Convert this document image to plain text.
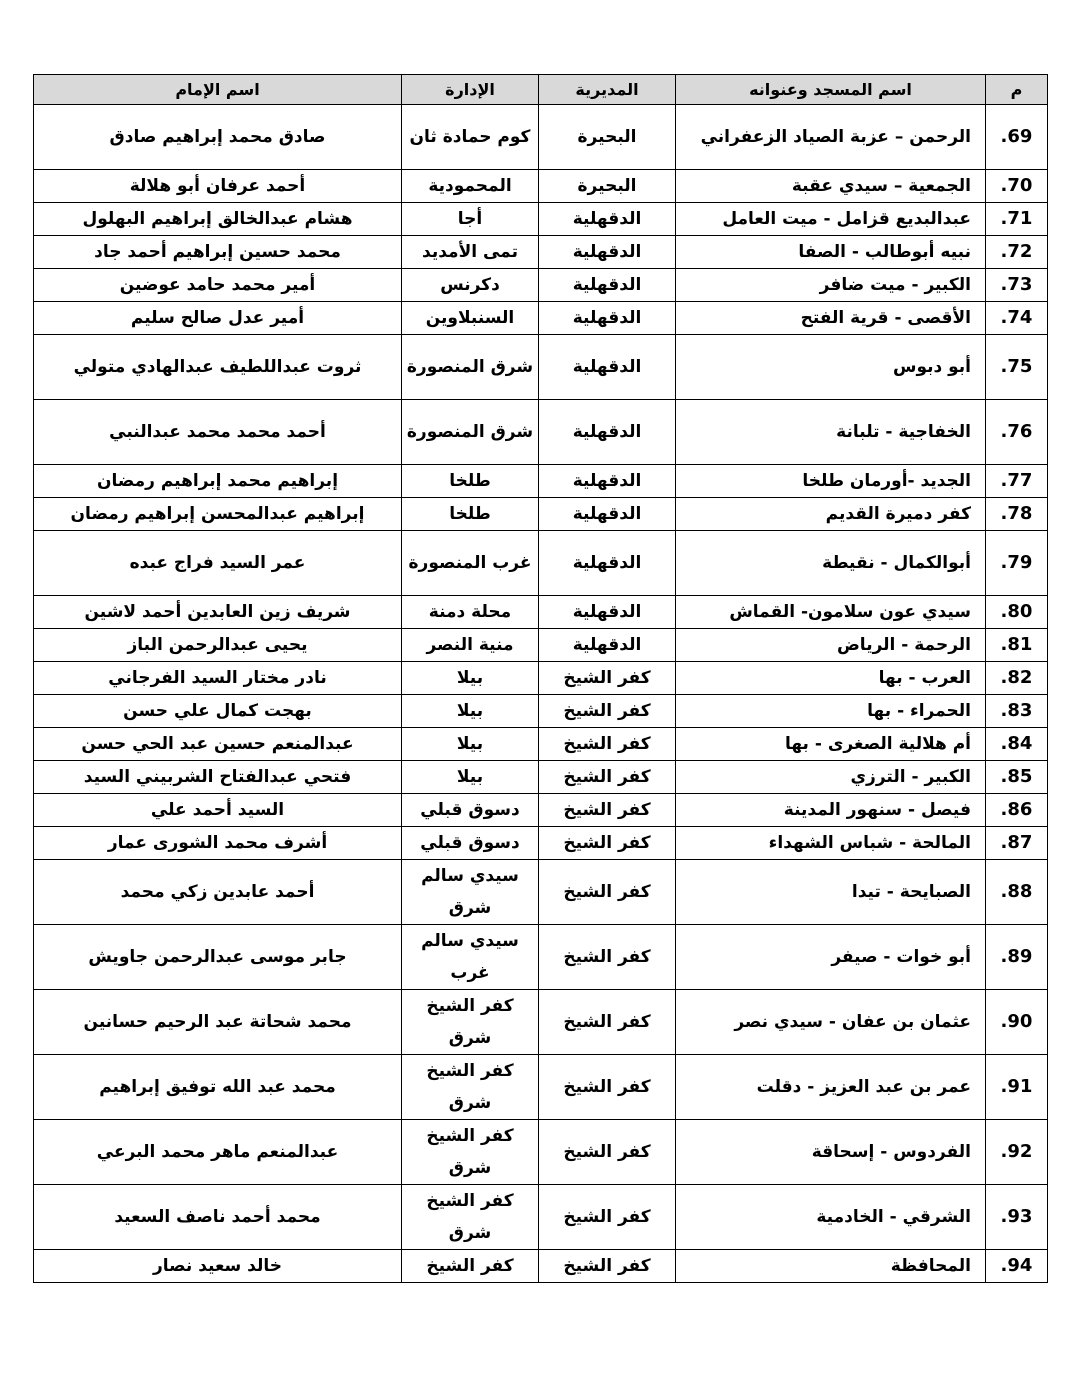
م	اسم المسجد وعنوانه	المديرية	الإدارة	اسم الإمام
.69	الرحمن – عزبة الصياد الزعفراني	البحيرة	كوم حمادة ثان	صادق محمد إبراهيم صادق
.70	الجمعية – سيدي عقبة	البحيرة	المحمودية	أحمد عرفان أبو هلالة
.71	عبدالبديع قزامل - ميت العامل	الدقهلية	أجا	هشام عبدالخالق إبراهيم البهلول
.72	نبيه أبوطالب - الصفا	الدقهلية	تمى الأمديد	محمد حسين إبراهيم أحمد جاد
.73	الكبير - ميت ضافر	الدقهلية	دكرنس	أمير محمد حامد عوضين
.74	الأقصى - قرية الفتح	الدقهلية	السنبلاوين	أمير عدل صالح سليم
.75	أبو دبوس	الدقهلية	شرق المنصورة	ثروت عبداللطيف عبدالهادي متولي
.76	الخفاجية - تلبانة	الدقهلية	شرق المنصورة	أحمد محمد محمد عبدالنبي
.77	الجديد -أورمان طلخا	الدقهلية	طلخا	إبراهيم محمد إبراهيم رمضان
.78	كفر دميرة القديم	الدقهلية	طلخا	إبراهيم عبدالمحسن إبراهيم رمضان
.79	أبوالكمال - نقيطة	الدقهلية	غرب المنصورة	عمر السيد فراج عبده
.80	سيدي عون سلامون- القماش	الدقهلية	محلة دمنة	شريف زين العابدين أحمد لاشين
.81	الرحمة - الرياض	الدقهلية	منية النصر	يحيى عبدالرحمن الباز
.82	العرب - بها	كفر الشيخ	بيلا	نادر مختار السيد الفرجاني
.83	الحمراء - بها	كفر الشيخ	بيلا	بهجت كمال علي حسن
.84	أم هلالية الصغرى - بها	كفر الشيخ	بيلا	عبدالمنعم حسين عبد الحي حسن
.85	الكبير - الترزي	كفر الشيخ	بيلا	فتحي عبدالفتاح الشربيني السيد
.86	فيصل - سنهور المدينة	كفر الشيخ	دسوق قبلي	السيد أحمد علي
.87	المالحة - شباس الشهداء	كفر الشيخ	دسوق قبلي	أشرف محمد الشورى عمار
.88	الصبايحة - تيدا	كفر الشيخ	سيدي سالم شرق	أحمد عابدين زكي محمد
.89	أبو خوات - صيفر	كفر الشيخ	سيدي سالم غرب	جابر موسى عبدالرحمن جاويش
.90	عثمان بن عفان - سيدي نصر	كفر الشيخ	كفر الشيخ شرق	محمد شحاتة عبد الرحيم حسانين
.91	عمر بن عبد العزيز - دقلت	كفر الشيخ	كفر الشيخ شرق	محمد عبد الله توفيق إبراهيم
.92	الفردوس - إسحاقة	كفر الشيخ	كفر الشيخ شرق	عبدالمنعم ماهر محمد البرعي
.93	الشرقي - الخادمية	كفر الشيخ	كفر الشيخ شرق	محمد أحمد ناصف السعيد
.94	المحافظة	كفر الشيخ	كفر الشيخ	خالد سعيد نصار
